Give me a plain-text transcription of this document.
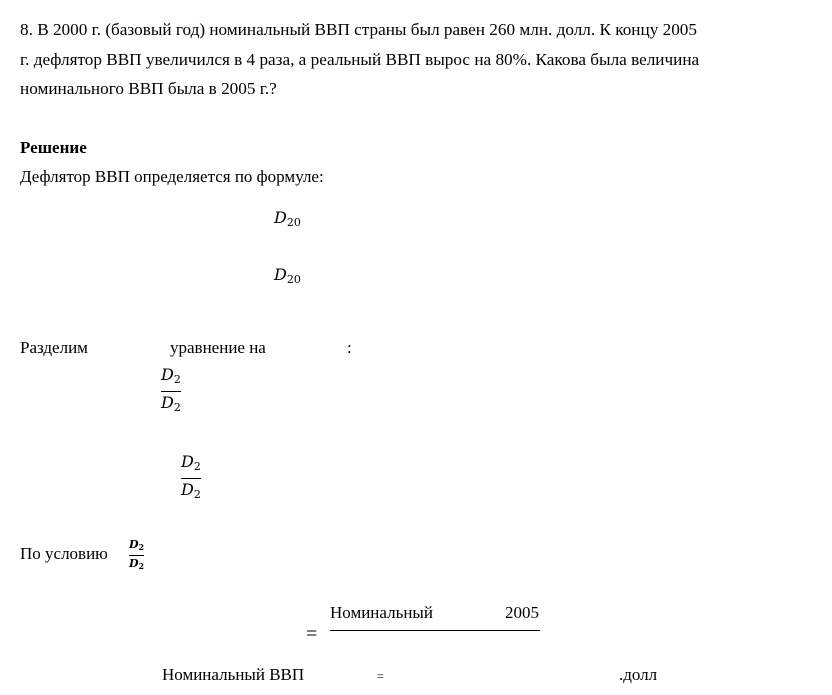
8. В 2000 г. (базовый год) номинальный ВВП страны был равен 260 млн. долл. К концу 2005
г. дефлятор ВВП увеличился в 4 раза, а реальный ВВП вырос на 80%. Какова была величина
номинального ВВП была в 2005 г.?
Решение
Дефлятор ВВП определяется по формуле:
$D_{20}$
$D_{20}$
Разделим	уравнение на	:
$D_2$
$D_2$
$D_2$
$D_2$
По условию $D_2$
$D_2$
=
Номинальный	2005
Номинальный ВВП	=	.долл
